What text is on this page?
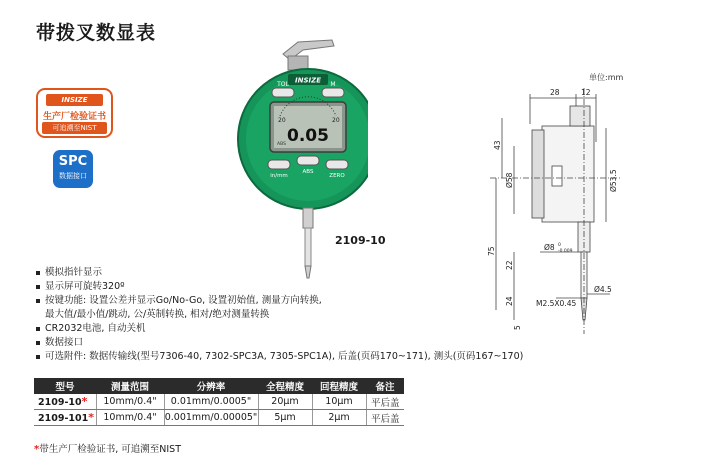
带拨叉数显表
单位:mm
INSIZE
生产厂检验证书
可追溯至NIST
SPC
数据接口
INSIZE
TOL	M
20	20
0.05
ABS
in/mm
ABS
ZERO
2109-10
28	12
43
Ø58	Ø53.5
75
22
24
5
Ø8 0
-0.009
M2.5X0.45
Ø4.5
模拟指针显示
显示屏可旋转320º
按键功能: 设置公差并显示Go/No-Go, 设置初始值, 测量方向转换,
最大值/最小值/跳动, 公/英制转换, 相对/绝对测量转换
CR2032电池, 自动关机
数据接口
可选附件: 数据传输线(型号7306-40, 7302-SPC3A, 7305-SPC1A), 后盖(页码170~171), 测头(页码167~170)
型号	测量范围	分辨率	全程精度	回程精度	备注
2109-10*	10mm/0.4"	0.01mm/0.0005"	20µm	10µm	平后盖
2109-101*	10mm/0.4"	0.001mm/0.00005"	5µm	2µm	平后盖
*带生产厂检验证书, 可追溯至NIST
